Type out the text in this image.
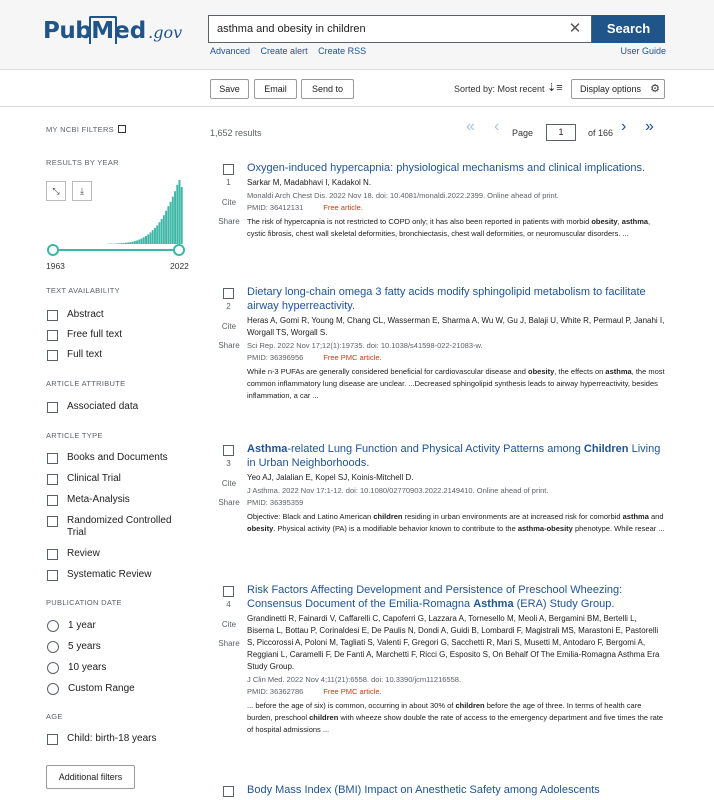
Pub Med .gov
asthma and obesity in children	✕	Search
Advanced Create alert Create RSS	User Guide
Save	Email	Send to	Sorted by: Most recent ⇣≡	Display options ⚙
MY NCBI FILTERS
RESULTS BY YEAR
⤡	⤓
1963	2022
TEXT AVAILABILITY
Abstract
Free full text
Full text
ARTICLE ATTRIBUTE
Associated data
ARTICLE TYPE
Books and Documents
Clinical Trial
Meta-Analysis
Randomized Controlled Trial
Review
Systematic Review
PUBLICATION DATE
1 year
5 years
10 years
Custom Range
AGE
Child: birth-18 years
Additional filters
1,652 results	« ‹ Page	1	of 166 › »
1
Cite
Share
Oxygen-induced hypercapnia: physiological mechanisms and clinical implications.
Sarkar M, Madabhavi I, Kadakol N.
Monaldi Arch Chest Dis. 2022 Nov 18. doi: 10.4081/monaldi.2022.2399. Online ahead of print.
PMID: 36412131	Free article.
The risk of hypercapnia is not restricted to COPD only; it has also been reported in patients with morbid obesity, asthma, cystic fibrosis, chest wall skeletal deformities, bronchiectasis, chest wall deformities, or neuromuscular disorders. ...
2
Cite
Share
Dietary long-chain omega 3 fatty acids modify sphingolipid metabolism to facilitate airway hyperreactivity.
Heras A, Gomi R, Young M, Chang CL, Wasserman E, Sharma A, Wu W, Gu J, Balaji U, White R, Permaul P, Janahi I, Worgall TS, Worgall S.
Sci Rep. 2022 Nov 17;12(1):19735. doi: 10.1038/s41598-022-21083-w.
PMID: 36396956	Free PMC article.
While n-3 PUFAs are generally considered beneficial for cardiovascular disease and obesity, the effects on asthma, the most common inflammatory lung disease are unclear. ...Decreased sphingolipid synthesis leads to airway hyperreactivity, besides inflammation, a car ...
3
Cite
Share
Asthma-related Lung Function and Physical Activity Patterns among Children Living in Urban Neighborhoods.
Yeo AJ, Jalalian E, Kopel SJ, Koinis-Mitchell D.
J Asthma. 2022 Nov 17:1-12. doi: 10.1080/02770903.2022.2149410. Online ahead of print.
PMID: 36395359
Objective: Black and Latino American children residing in urban environments are at increased risk for comorbid asthma and obesity. Physical activity (PA) is a modifiable behavior known to contribute to the asthma-obesity phenotype. While resear ...
4
Cite
Share
Risk Factors Affecting Development and Persistence of Preschool Wheezing: Consensus Document of the Emilia-Romagna Asthma (ERA) Study Group.
Grandinetti R, Fainardi V, Caffarelli C, Capoferri G, Lazzara A, Tornesello M, Meoli A, Bergamini BM, Bertelli L, Biserna L, Bottau P, Corinaldesi E, De Paulis N, Dondi A, Guidi B, Lombardi F, Magistrali MS, Marastoni E, Pastorelli S, Piccorossi A, Poloni M, Tagliati S, Valenti F, Gregori G, Sacchetti R, Mari S, Musetti M, Antodaro F, Bergomi A, Reggiani L, Caramelli F, De Fanti A, Marchetti F, Ricci G, Esposito S, On Behalf Of The Emilia-Romagna Asthma Era Study Group.
J Clin Med. 2022 Nov 4;11(21):6558. doi: 10.3390/jcm11216558.
PMID: 36362786	Free PMC article.
... before the age of six) is common, occurring in about 30% of children before the age of three. In terms of health care burden, preschool children with wheeze show double the rate of access to the emergency department and five times the rate of hospital admissions ...
Body Mass Index (BMI) Impact on Anesthetic Safety among Adolescents
